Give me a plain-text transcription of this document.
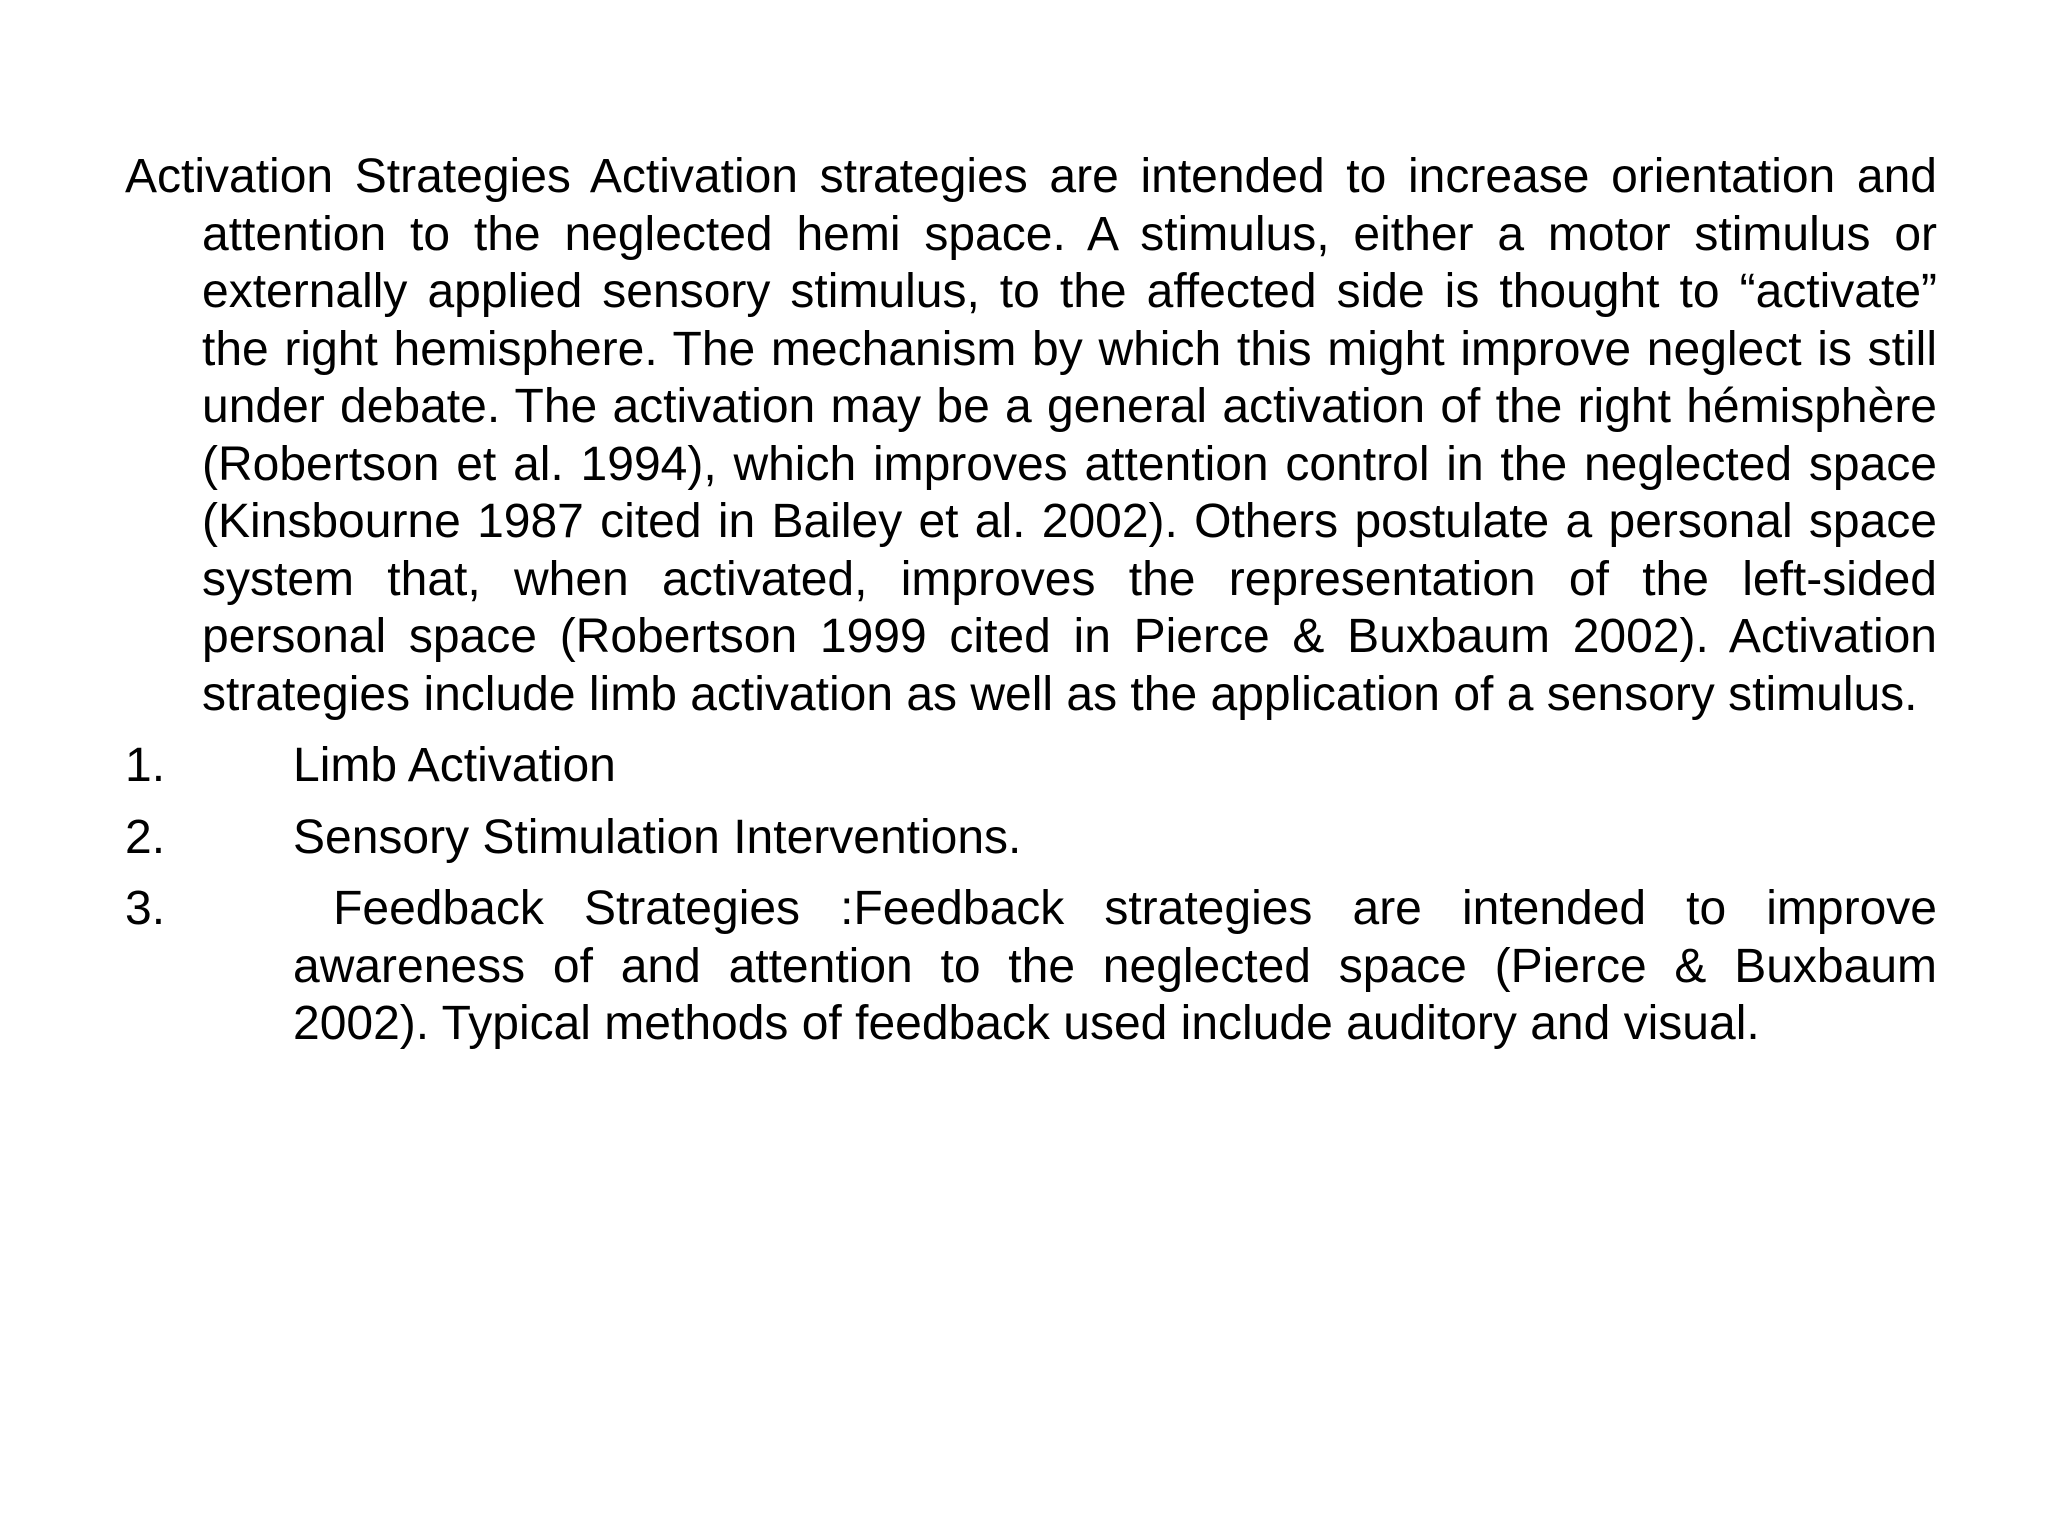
Activation Strategies Activation strategies are intended to increase orientation and attention to the neglected hemi space. A stimulus, either a motor stimulus or externally applied sensory stimulus, to the affected side is thought to “activate” the right hemisphere. The mechanism by which this might improve neglect is still under debate. The activation may be a general activation of the right hémisphère (Robertson et al. 1994), which improves attention control in the neglected space (Kinsbourne 1987 cited in Bailey et al. 2002). Others postulate a personal space system that, when activated, improves the representation of the left-sided personal space (Robertson 1999 cited in Pierce & Buxbaum 2002). Activation strategies include limb activation as well as the application of a sensory stimulus.

1.	Limb Activation
2.	Sensory Stimulation Interventions.
3.	Feedback Strategies :Feedback strategies are intended to improve awareness of and attention to the neglected space (Pierce & Buxbaum 2002). Typical methods of feedback used include auditory and visual.
